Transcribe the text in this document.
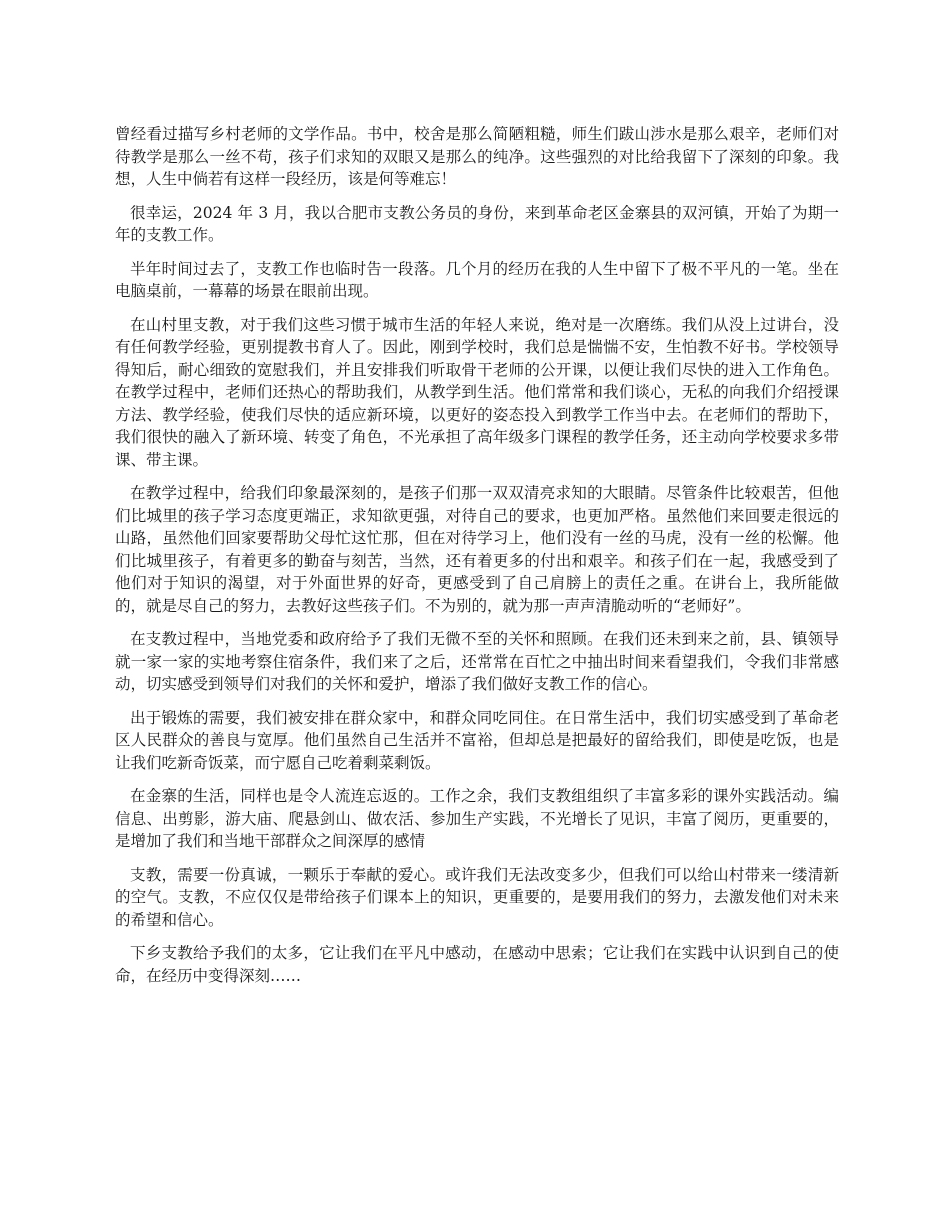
曾经看过描写乡村老师的文学作品。书中，校舍是那么简陋粗糙，师生们跋山涉水是那么艰辛，老师们对待教学是那么一丝不苟，孩子们求知的双眼又是那么的纯净。这些强烈的对比给我留下了深刻的印象。我想，人生中倘若有这样一段经历，该是何等难忘！

很幸运，2024 年 3 月，我以合肥市支教公务员的身份，来到革命老区金寨县的双河镇，开始了为期一年的支教工作。

半年时间过去了，支教工作也临时告一段落。几个月的经历在我的人生中留下了极不平凡的一笔。坐在电脑桌前，一幕幕的场景在眼前出现。

在山村里支教，对于我们这些习惯于城市生活的年轻人来说，绝对是一次磨练。我们从没上过讲台，没有任何教学经验，更别提教书育人了。因此，刚到学校时，我们总是惴惴不安，生怕教不好书。学校领导得知后，耐心细致的宽慰我们，并且安排我们听取骨干老师的公开课，以便让我们尽快的进入工作角色。在教学过程中，老师们还热心的帮助我们，从教学到生活。他们常常和我们谈心，无私的向我们介绍授课方法、教学经验，使我们尽快的适应新环境，以更好的姿态投入到教学工作当中去。在老师们的帮助下，我们很快的融入了新环境、转变了角色，不光承担了高年级多门课程的教学任务，还主动向学校要求多带课、带主课。

在教学过程中，给我们印象最深刻的，是孩子们那一双双清亮求知的大眼睛。尽管条件比较艰苦，但他们比城里的孩子学习态度更端正，求知欲更强，对待自己的要求，也更加严格。虽然他们来回要走很远的山路，虽然他们回家要帮助父母忙这忙那，但在对待学习上，他们没有一丝的马虎，没有一丝的松懈。他们比城里孩子，有着更多的勤奋与刻苦，当然，还有着更多的付出和艰辛。和孩子们在一起，我感受到了他们对于知识的渴望，对于外面世界的好奇，更感受到了自己肩膀上的责任之重。在讲台上，我所能做的，就是尽自己的努力，去教好这些孩子们。不为别的，就为那一声声清脆动听的“老师好”。

在支教过程中，当地党委和政府给予了我们无微不至的关怀和照顾。在我们还未到来之前，县、镇领导就一家一家的实地考察住宿条件，我们来了之后，还常常在百忙之中抽出时间来看望我们，令我们非常感动，切实感受到领导们对我们的关怀和爱护，增添了我们做好支教工作的信心。

出于锻炼的需要，我们被安排在群众家中，和群众同吃同住。在日常生活中，我们切实感受到了革命老区人民群众的善良与宽厚。他们虽然自己生活并不富裕，但却总是把最好的留给我们，即使是吃饭，也是让我们吃新奇饭菜，而宁愿自己吃着剩菜剩饭。

在金寨的生活，同样也是令人流连忘返的。工作之余，我们支教组组织了丰富多彩的课外实践活动。编信息、出剪影，游大庙、爬悬剑山、做农活、参加生产实践，不光增长了见识，丰富了阅历，更重要的，是增加了我们和当地干部群众之间深厚的感情

支教，需要一份真诚，一颗乐于奉献的爱心。或许我们无法改变多少，但我们可以给山村带来一缕清新的空气。支教，不应仅仅是带给孩子们课本上的知识，更重要的，是要用我们的努力，去激发他们对未来的希望和信心。

下乡支教给予我们的太多，它让我们在平凡中感动，在感动中思索；它让我们在实践中认识到自己的使命，在经历中变得深刻……
